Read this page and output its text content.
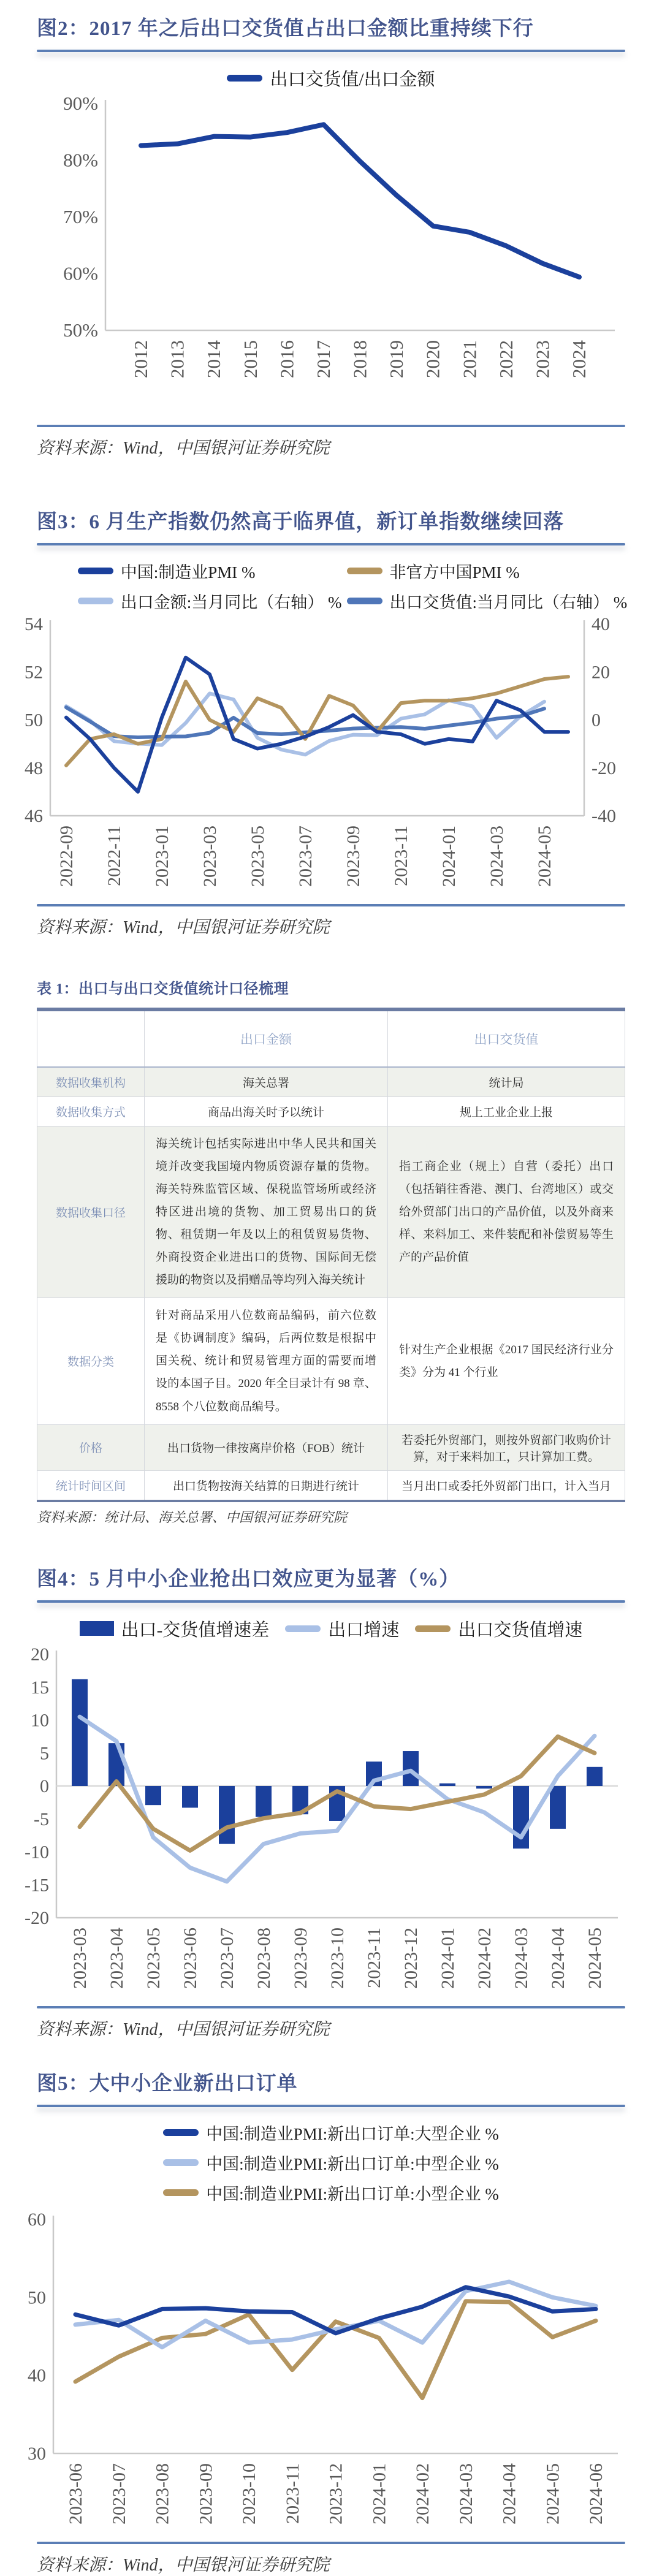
图2：2017 年之后出口交货值占出口金额比重持续下行
出口交货值/出口金额
50%
60%
70%
80%
90%
2012 2013 2014 2015 2016 2017 2018 2019 2020 2021 2022 2023 2024

资料来源：Wind，中国银河证券研究院

图3：6 月生产指数仍然高于临界值，新订单指数继续回落
中国:制造业PMI %	非官方中国PMI %
出口金额:当月同比（右轴） %	出口交货值:当月同比（右轴） %
46
48
50
52
54
-40
-20
0
20
40
2022-09 2022-11 2023-01 2023-03 2023-05 2023-07 2023-09 2023-11 2024-01 2024-03 2024-05

资料来源：Wind，中国银河证券研究院

表 1：出口与出口交货值统计口径梳理
	出口金额	出口交货值
数据收集机构	海关总署	统计局
数据收集方式	商品出海关时予以统计	规上工业企业上报
数据收集口径	海关统计包括实际进出中华人民共和国关境并改变我国境内物质资源存量的货物。海关特殊监管区域、保税监管场所或经济特区进出境的货物、加工贸易出口的货物、租赁期一年及以上的租赁贸易货物、外商投资企业进出口的货物、国际间无偿援助的物资以及捐赠品等均列入海关统计	指工商企业（规上）自营（委托）出口（包括销往香港、澳门、台湾地区）或交给外贸部门出口的产品价值，以及外商来样、来料加工、来件装配和补偿贸易等生产的产品价值
数据分类	针对商品采用八位数商品编码，前六位数是《协调制度》编码，后两位数是根据中国关税、统计和贸易管理方面的需要而增设的本国子目。2020 年全目录计有 98 章、8558 个八位数商品编号。	针对生产企业根据《2017 国民经济行业分类》分为 41 个行业
价格	出口货物一律按离岸价格（FOB）统计	若委托外贸部门，则按外贸部门收购价计算，对于来料加工，只计算加工费。
统计时间区间	出口货物按海关结算的日期进行统计	当月出口或委托外贸部门出口，计入当月

资料来源：统计局、海关总署、中国银河证券研究院

图4：5 月中小企业抢出口效应更为显著（%）
出口-交货值增速差	出口增速	出口交货值增速
-20
-15
-10
-5
0
5
10
15
20
2023-03 2023-04 2023-05 2023-06 2023-07 2023-08 2023-09 2023-10 2023-11 2023-12 2024-01 2024-02 2024-03 2024-04 2024-05

资料来源：Wind，中国银河证券研究院

图5：大中小企业新出口订单
中国:制造业PMI:新出口订单:大型企业 %
中国:制造业PMI:新出口订单:中型企业 %
中国:制造业PMI:新出口订单:小型企业 %
30
40
50
60
2023-06 2023-07 2023-08 2023-09 2023-10 2023-11 2023-12 2024-01 2024-02 2024-03 2024-04 2024-05 2024-06

资料来源：Wind，中国银河证券研究院
